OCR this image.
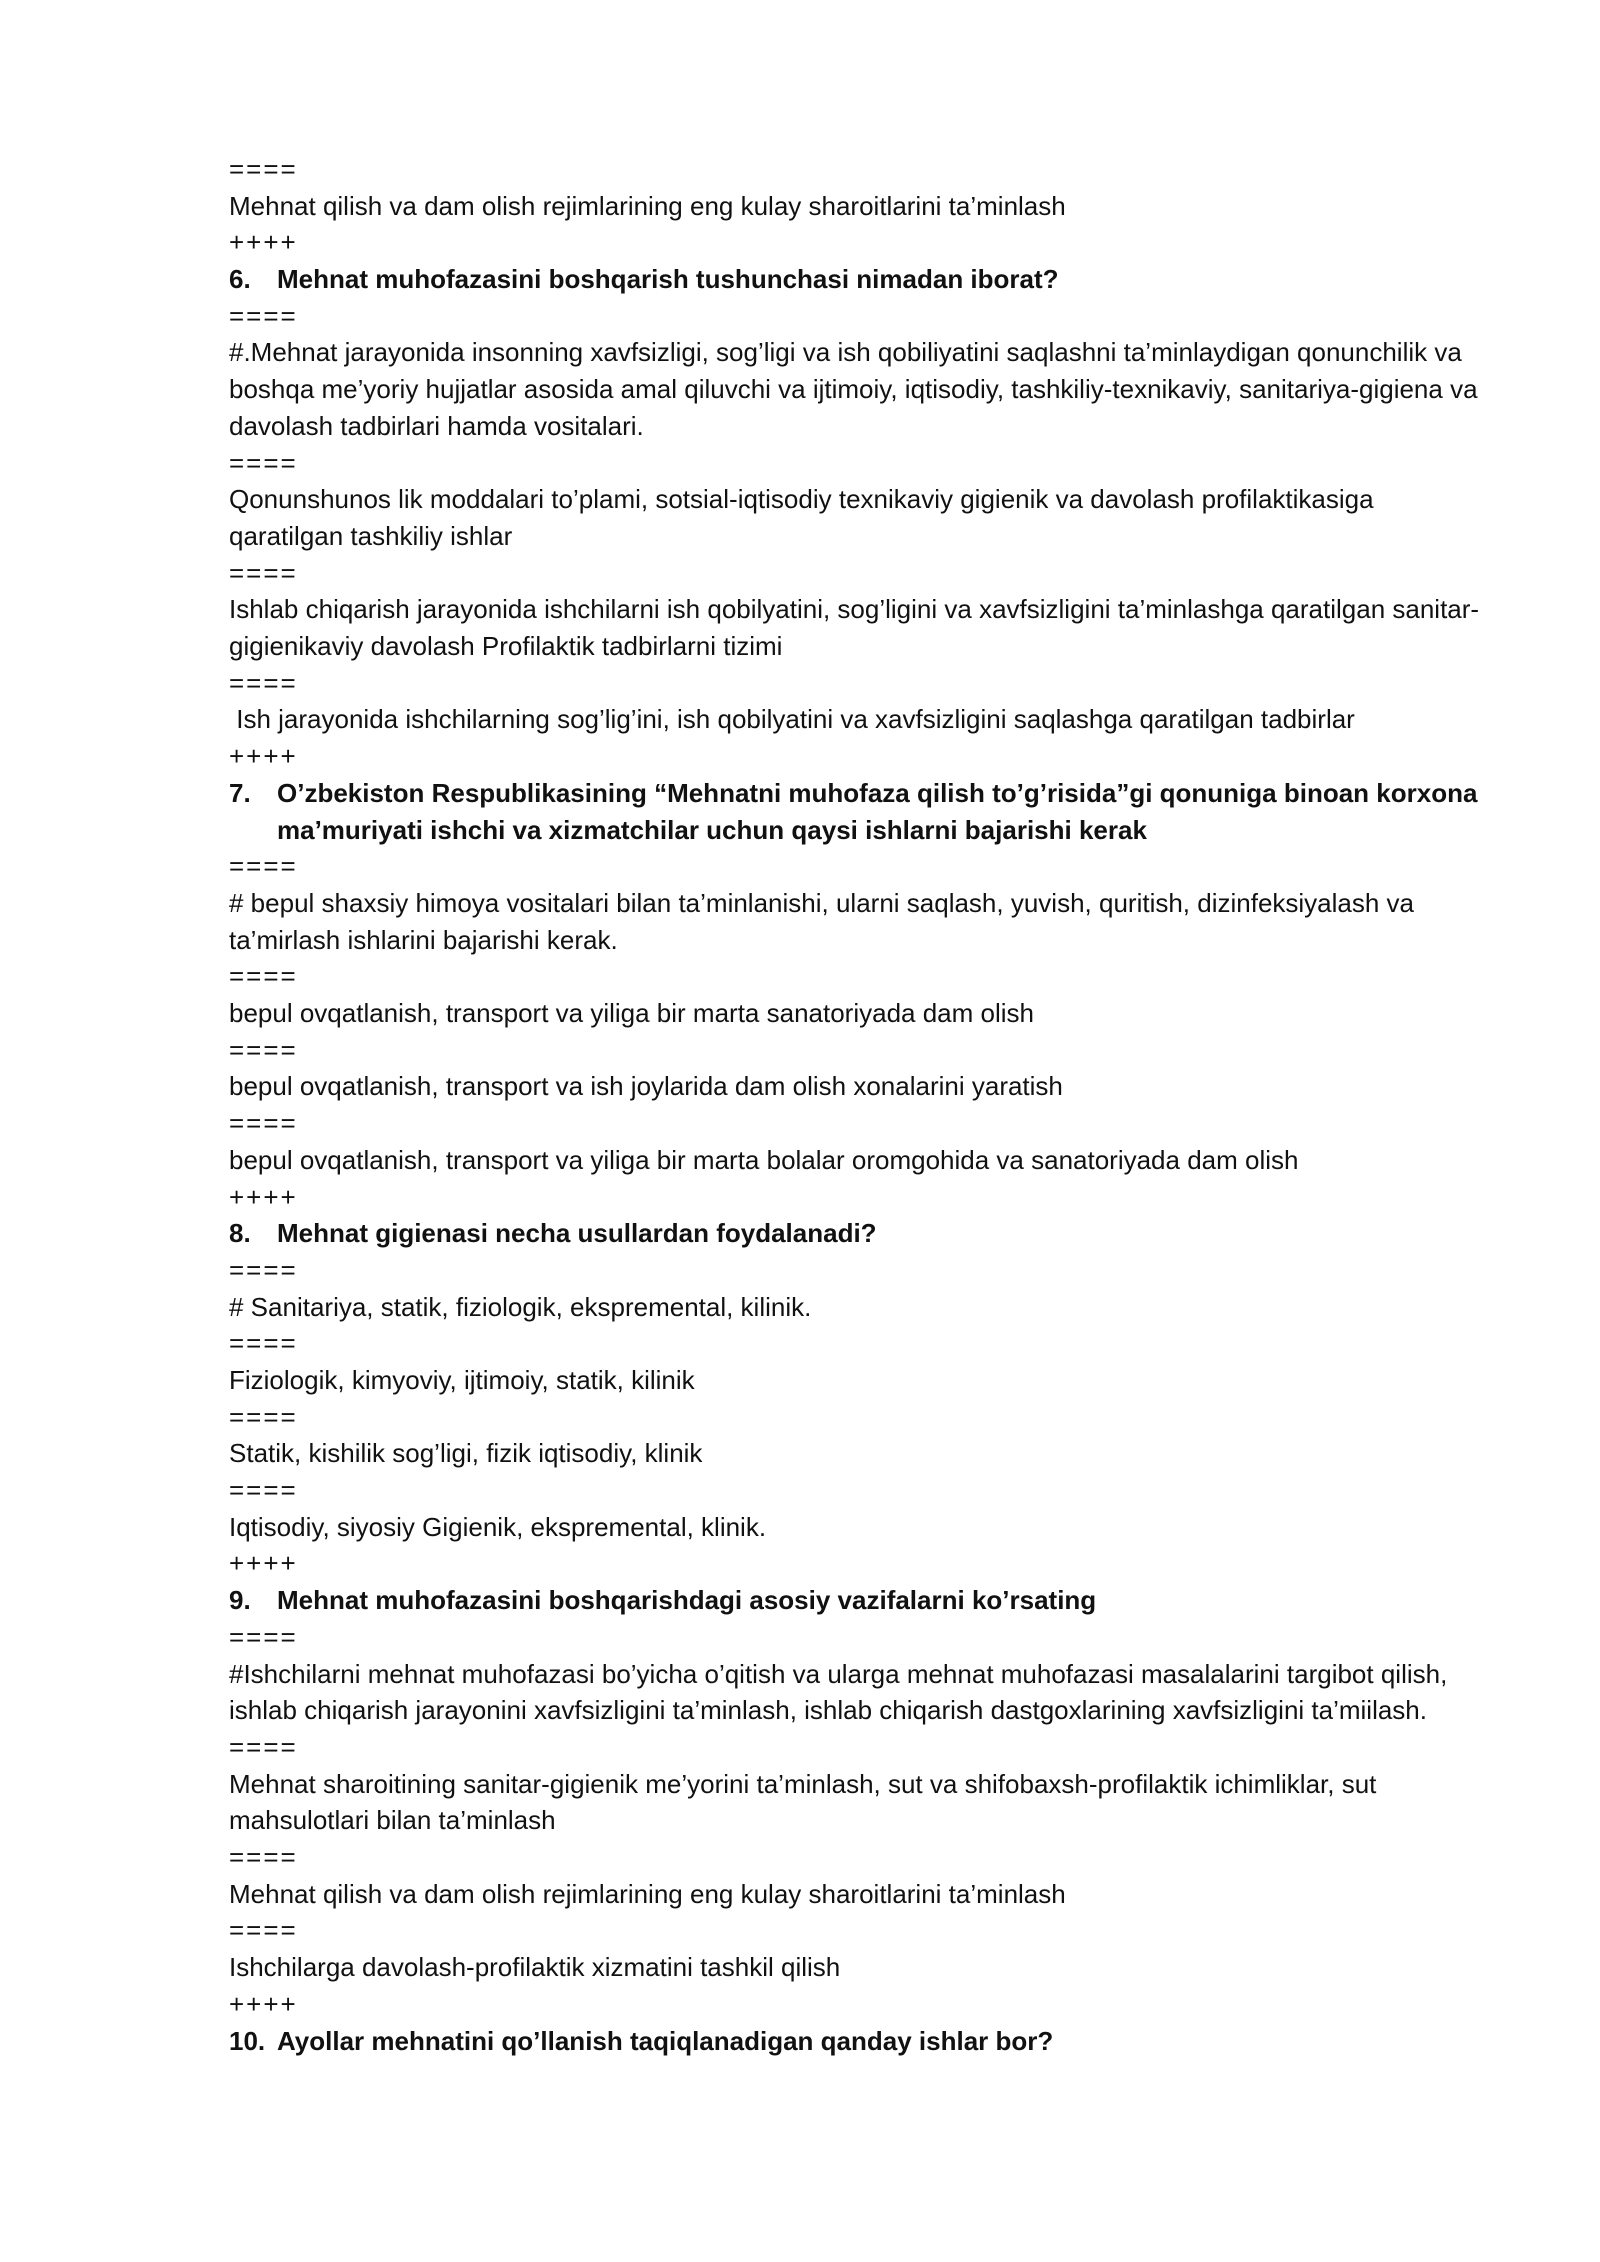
====
Mehnat qilish va dam olish rejimlarining eng kulay sharoitlarini ta’minlash
++++
6.	Mehnat muhofazasini boshqarish tushunchasi nimadan iborat?
====
#.Mehnat jarayonida insonning xavfsizligi, sog’ligi va ish qobiliyatini saqlashni ta’minlaydigan qonunchilik va boshqa me’yoriy hujjatlar asosida amal qiluvchi va ijtimoiy, iqtisodiy, tashkiliy-texnikaviy, sanitariya-gigiena va davolash tadbirlari hamda vositalari.
====
Qonunshunos lik moddalari to’plami, sotsial-iqtisodiy texnikaviy gigienik va davolash profilaktikasiga qaratilgan tashkiliy ishlar
====
Ishlab chiqarish jarayonida ishchilarni ish qobilyatini, sog’ligini va xavfsizligini ta’minlashga qaratilgan sanitar-gigienikaviy davolash Profilaktik tadbirlarni tizimi
====
Ish jarayonida ishchilarning sog’lig’ini, ish qobilyatini va xavfsizligini saqlashga qaratilgan tadbirlar
++++
7.	O’zbekiston Respublikasining “Mehnatni muhofaza qilish to’g’risida”gi qonuniga binoan korxona ma’muriyati ishchi va xizmatchilar uchun qaysi ishlarni bajarishi kerak
====
# bepul shaxsiy himoya vositalari bilan ta’minlanishi, ularni saqlash, yuvish, quritish, dizinfeksiyalash va ta’mirlash ishlarini bajarishi kerak.
====
bepul ovqatlanish, transport va yiliga bir marta sanatoriyada dam olish
====
bepul ovqatlanish, transport va ish joylarida dam olish xonalarini yaratish
====
bepul ovqatlanish, transport va yiliga bir marta bolalar oromgohida va sanatoriyada dam olish
++++
8.	Mehnat gigienasi necha usullardan foydalanadi?
====
# Sanitariya, statik, fiziologik, ekspremental, kilinik.
====
Fiziologik, kimyoviy, ijtimoiy, statik, kilinik
====
Statik, kishilik sog’ligi, fizik iqtisodiy, klinik
====
Iqtisodiy, siyosiy Gigienik, ekspremental, klinik.
++++
9.	Mehnat muhofazasini boshqarishdagi asosiy vazifalarni ko’rsating
====
#Ishchilarni mehnat muhofazasi bo’yicha o’qitish va ularga mehnat muhofazasi masalalarini targibot qilish, ishlab chiqarish jarayonini xavfsizligini ta’minlash, ishlab chiqarish dastgoxlarining xavfsizligini ta’miilash.
====
Mehnat sharoitining sanitar-gigienik me’yorini ta’minlash, sut va shifobaxsh-profilaktik ichimliklar, sut mahsulotlari bilan ta’minlash
====
Mehnat qilish va dam olish rejimlarining eng kulay sharoitlarini ta’minlash
====
Ishchilarga davolash-profilaktik xizmatini tashkil qilish
++++
10. Ayollar mehnatini qo’llanish taqiqlanadigan qanday ishlar bor?
